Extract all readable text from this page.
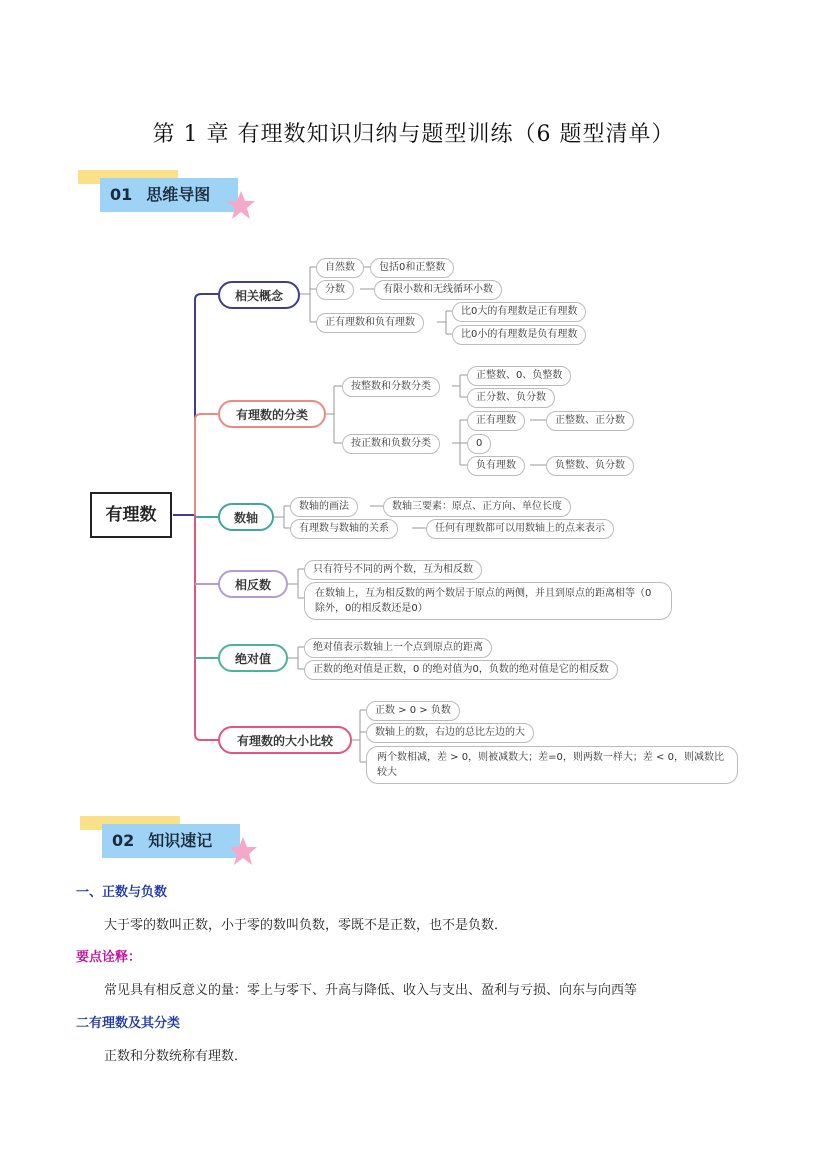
第 1 章 有理数知识归纳与题型训练（6 题型清单）
01 思维导图
有理数
相关概念
自然数	包括0和正整数
分数	有限小数和无线循环小数
正有理数和负有理数
比0大的有理数是正有理数
比0小的有理数是负有理数
有理数的分类
按整数和分数分类
正整数、0、负整数
正分数、负分数
按正数和负数分类
正有理数	正整数、正分数
0
负有理数	负整数、负分数
数轴
数轴的画法	数轴三要素：原点、正方向、单位长度
有理数与数轴的关系	任何有理数都可以用数轴上的点来表示
相反数
只有符号不同的两个数，互为相反数
在数轴上，互为相反数的两个数居于原点的两侧，并且到原点的距离相等（0除外，0的相反数还是0）
绝对值
绝对值表示数轴上一个点到原点的距离
正数的绝对值是正数，0 的绝对值为0，负数的绝对值是它的相反数
有理数的大小比较
正数 > 0 > 负数
数轴上的数，右边的总比左边的大
两个数相减，差 > 0，则被减数大；差=0，则两数一样大；差 < 0，则减数比较大
02 知识速记
一、正数与负数
大于零的数叫正数，小于零的数叫负数，零既不是正数，也不是负数．
要点诠释：
常见具有相反意义的量：零上与零下、升高与降低、收入与支出、盈利与亏损、向东与向西等
二有理数及其分类
正数和分数统称有理数．
